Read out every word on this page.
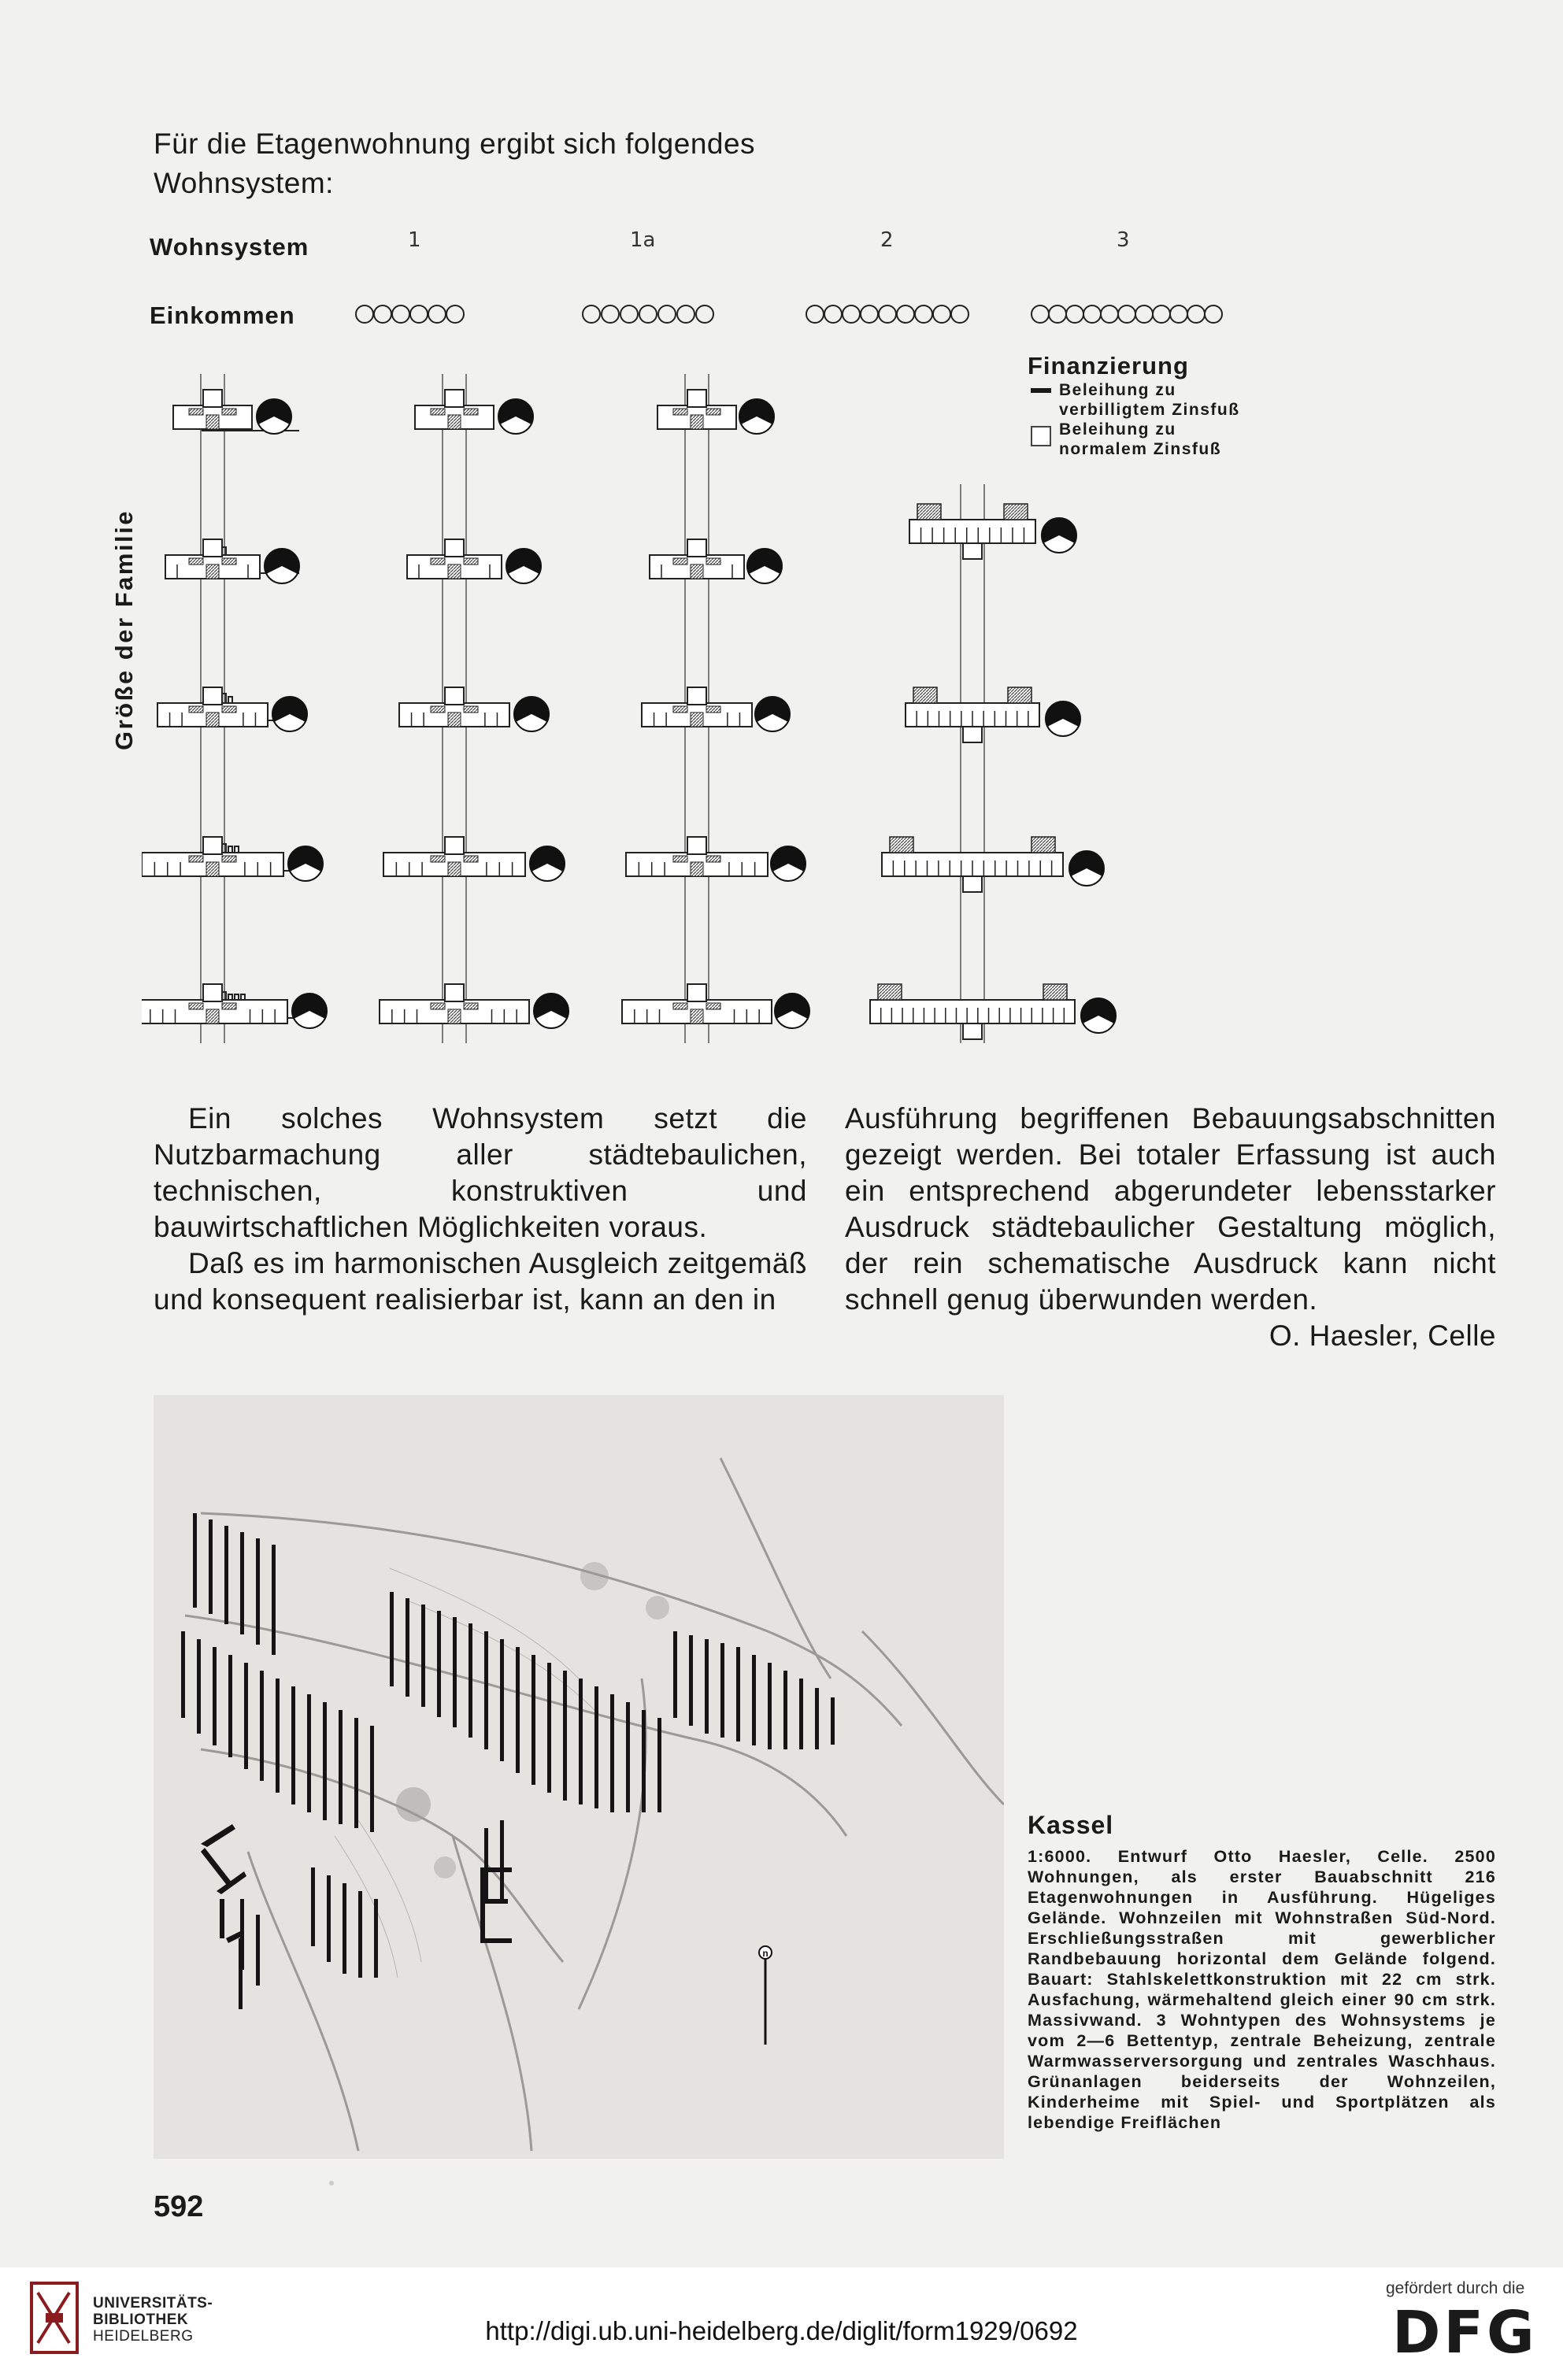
Für die Etagenwohnung ergibt sich folgendes
Wohnsystem:
Wohnsystem
Einkommen
1	1a	2	3
Finanzierung
Beleihung zu
verbilligtem Zinsfuß
Beleihung zu
normalem Zinsfuß
Größe der Familie

Ein solches Wohnsystem setzt die Nutzbarmachung aller städtebaulichen, technischen, konstruktiven und bauwirtschaftlichen Möglichkeiten voraus.

Daß es im harmonischen Ausgleich zeitgemäß und konsequent realisierbar ist, kann an den in

Ausführung begriffenen Bebauungsabschnitten gezeigt werden. Bei totaler Erfassung ist auch ein entsprechend abgerundeter lebensstarker Ausdruck städtebaulicher Gestaltung möglich, der rein schematische Ausdruck kann nicht schnell genug überwunden werden.

O. Haesler, Celle
n
Kassel
1:6000. Entwurf Otto Haesler, Celle. 2500 Wohnungen, als erster Bauabschnitt 216 Etagenwohnungen in Ausführung. Hügeliges Gelände. Wohnzeilen mit Wohnstraßen Süd-Nord. Erschließungsstraßen mit gewerblicher Randbebauung horizontal dem Gelände folgend. Bauart: Stahlskelettkonstruktion mit 22 cm strk. Ausfachung, wärmehaltend gleich einer 90 cm strk. Massivwand. 3 Wohntypen des Wohnsystems je vom 2—6 Bettentyp, zentrale Beheizung, zentrale Warmwasserversorgung und zentrales Waschhaus. Grünanlagen beiderseits der Wohnzeilen, Kinderheime mit Spiel- und Sportplätzen als lebendige Freiflächen
592
UNIVERSITÄTS-
BIBLIOTHEK
HEIDELBERG	http://digi.ub.uni-heidelberg.de/diglit/form1929/0692
gefördert durch die
DFG
